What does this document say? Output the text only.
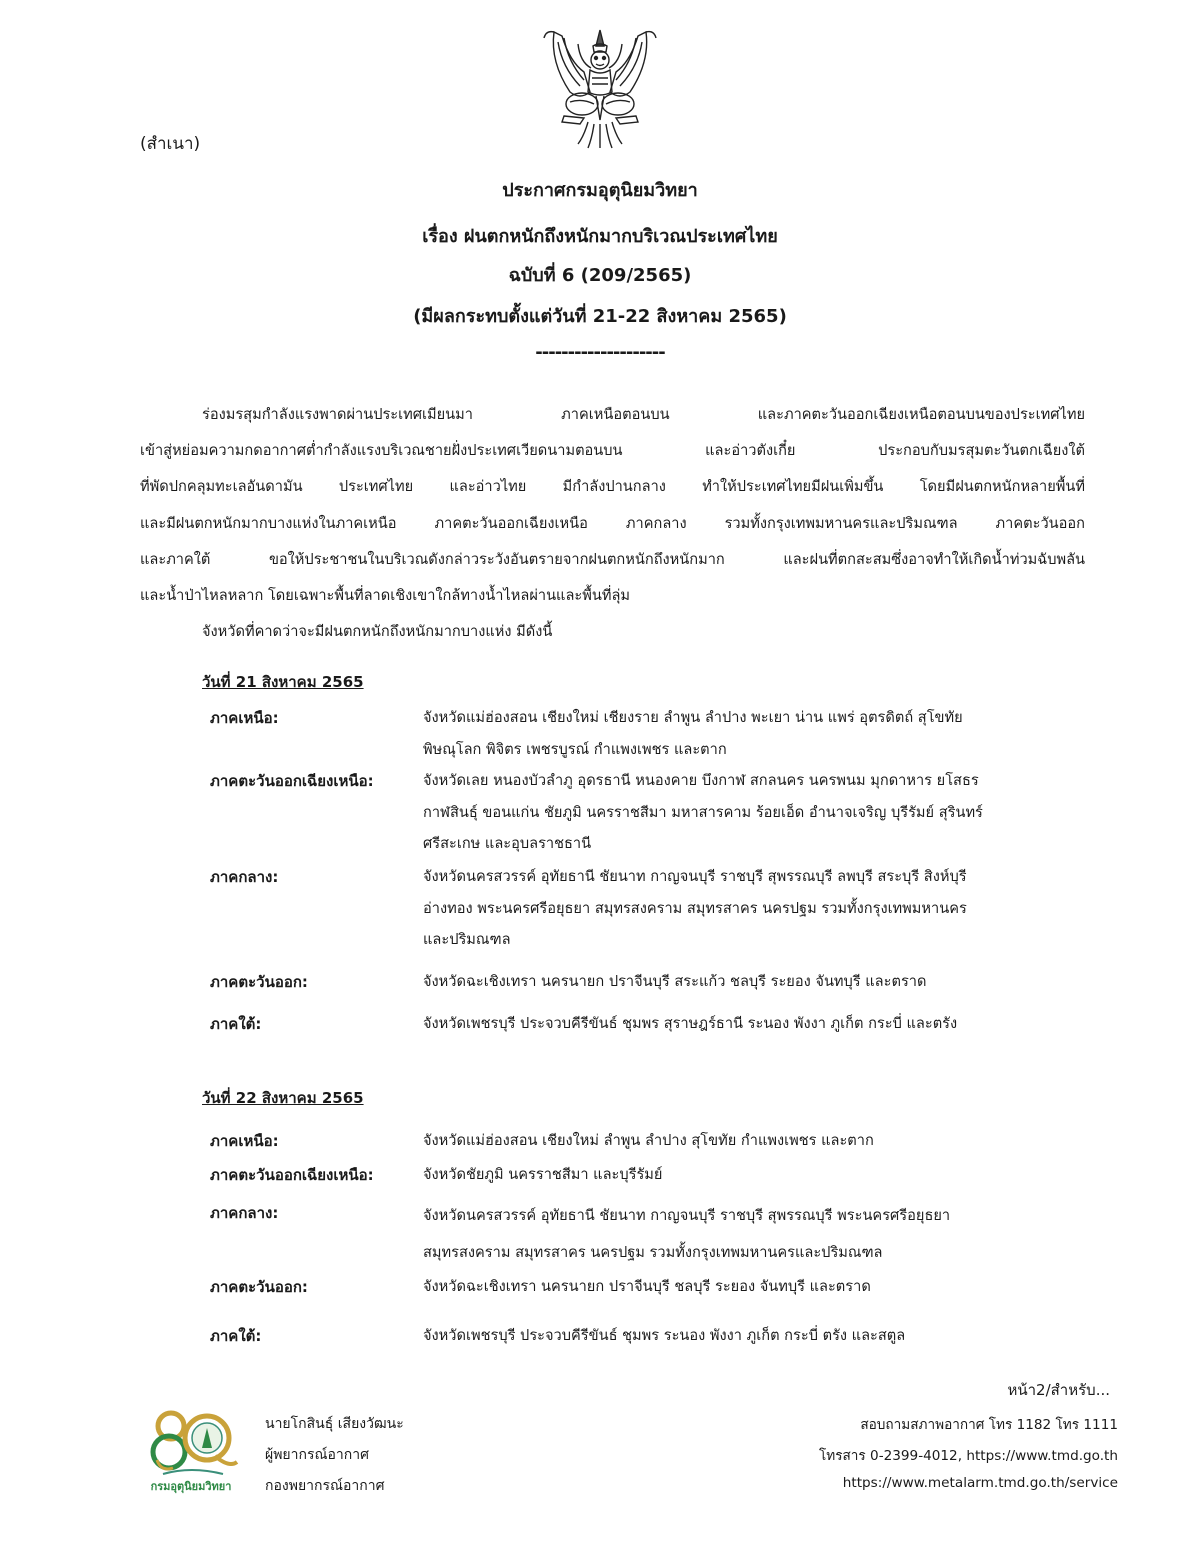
(สำเนา)
ประกาศกรมอุตุนิยมวิทยา
เรื่อง ฝนตกหนักถึงหนักมากบริเวณประเทศไทย
ฉบับที่ 6 (209/2565)
(มีผลกระทบตั้งแต่วันที่ 21-22 สิงหาคม 2565)
--------------------
ร่องมรสุมกำลังแรงพาดผ่านประเทศเมียนมา ภาคเหนือตอนบน และภาคตะวันออกเฉียงเหนือตอนบนของประเทศไทย
เข้าสู่หย่อมความกดอากาศต่ำกำลังแรงบริเวณชายฝั่งประเทศเวียดนามตอนบน และอ่าวตังเกี๋ย ประกอบกับมรสุมตะวันตกเฉียงใต้
ที่พัดปกคลุมทะเลอันดามัน ประเทศไทย และอ่าวไทย มีกำลังปานกลาง ทำให้ประเทศไทยมีฝนเพิ่มขึ้น โดยมีฝนตกหนักหลายพื้นที่
และมีฝนตกหนักมากบางแห่งในภาคเหนือ ภาคตะวันออกเฉียงเหนือ ภาคกลาง รวมทั้งกรุงเทพมหานครและปริมณฑล ภาคตะวันออก
และภาคใต้ ขอให้ประชาชนในบริเวณดังกล่าวระวังอันตรายจากฝนตกหนักถึงหนักมาก และฝนที่ตกสะสมซึ่งอาจทำให้เกิดน้ำท่วมฉับพลัน
และน้ำป่าไหลหลาก โดยเฉพาะพื้นที่ลาดเชิงเขาใกล้ทางน้ำไหลผ่านและพื้นที่ลุ่ม
จังหวัดที่คาดว่าจะมีฝนตกหนักถึงหนักมากบางแห่ง มีดังนี้
วันที่ 21 สิงหาคม 2565
ภาคเหนือ:	จังหวัดแม่ฮ่องสอน เชียงใหม่ เชียงราย ลำพูน ลำปาง พะเยา น่าน แพร่ อุตรดิตถ์ สุโขทัย
พิษณุโลก พิจิตร เพชรบูรณ์ กำแพงเพชร และตาก
ภาคตะวันออกเฉียงเหนือ:	จังหวัดเลย หนองบัวลำภู อุดรธานี หนองคาย บึงกาฬ สกลนคร นครพนม มุกดาหาร ยโสธร
กาฬสินธุ์ ขอนแก่น ชัยภูมิ นครราชสีมา มหาสารคาม ร้อยเอ็ด อำนาจเจริญ บุรีรัมย์ สุรินทร์
ศรีสะเกษ และอุบลราชธานี
ภาคกลาง:	จังหวัดนครสวรรค์ อุทัยธานี ชัยนาท กาญจนบุรี ราชบุรี สุพรรณบุรี ลพบุรี สระบุรี สิงห์บุรี
อ่างทอง พระนครศรีอยุธยา สมุทรสงคราม สมุทรสาคร นครปฐม รวมทั้งกรุงเทพมหานคร
และปริมณฑล
ภาคตะวันออก:	จังหวัดฉะเชิงเทรา นครนายก ปราจีนบุรี สระแก้ว ชลบุรี ระยอง จันทบุรี และตราด
ภาคใต้:	จังหวัดเพชรบุรี ประจวบคีรีขันธ์ ชุมพร สุราษฎร์ธานี ระนอง พังงา ภูเก็ต กระบี่ และตรัง
วันที่ 22 สิงหาคม 2565
ภาคเหนือ:	จังหวัดแม่ฮ่องสอน เชียงใหม่ ลำพูน ลำปาง สุโขทัย กำแพงเพชร และตาก
ภาคตะวันออกเฉียงเหนือ:	จังหวัดชัยภูมิ นครราชสีมา และบุรีรัมย์
ภาคกลาง:	จังหวัดนครสวรรค์ อุทัยธานี ชัยนาท กาญจนบุรี ราชบุรี สุพรรณบุรี พระนครศรีอยุธยา
สมุทรสงคราม สมุทรสาคร นครปฐม รวมทั้งกรุงเทพมหานครและปริมณฑล
ภาคตะวันออก:	จังหวัดฉะเชิงเทรา นครนายก ปราจีนบุรี ชลบุรี ระยอง จันทบุรี และตราด
ภาคใต้:	จังหวัดเพชรบุรี ประจวบคีรีขันธ์ ชุมพร ระนอง พังงา ภูเก็ต กระบี่ ตรัง และสตูล
หน้า2/สำหรับ...
กรมอุตุนิยมวิทยา
นายโกสินธุ์ เสียงวัฒนะ
ผู้พยากรณ์อากาศ
กองพยากรณ์อากาศ
สอบถามสภาพอากาศ โทร 1182 โทร 1111
โทรสาร 0-2399-4012, https://www.tmd.go.th
https://www.metalarm.tmd.go.th/service
